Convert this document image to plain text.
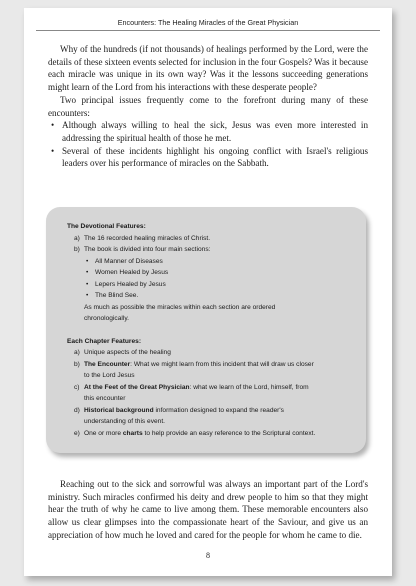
Encounters: The Healing Miracles of the Great Physician

Why of the hundreds (if not thousands) of healings performed by the Lord, were the details of these sixteen events selected for inclusion in the four Gospels? Was it because each miracle was unique in its own way? Was it the lessons succeeding generations might learn of the Lord from his interactions with these desperate people?

Two principal issues frequently come to the forefront during many of these encounters:

• Although always willing to heal the sick, Jesus was even more interested in addressing the spiritual health of those he met.
• Several of these incidents highlight his ongoing conflict with Israel's religious leaders over his performance of miracles on the Sabbath.
The Devotional Features:
a) The 16 recorded healing miracles of Christ.
b) The book is divided into four main sections:
• All Manner of Diseases
• Women Healed by Jesus
• Lepers Healed by Jesus
• The Blind See.
As much as possible the miracles within each section are ordered
chronologically.
Each Chapter Features:
a) Unique aspects of the healing
b) The Encounter: What we might learn from this incident that will draw us closer
to the Lord Jesus
c) At the Feet of the Great Physician: what we learn of the Lord, himself, from
this encounter
d) Historical background information designed to expand the reader's
understanding of this event.
e) One or more charts to help provide an easy reference to the Scriptural context.

Reaching out to the sick and sorrowful was always an important part of the Lord's ministry. Such miracles confirmed his deity and drew people to him so that they might hear the truth of why he came to live among them. These memorable encounters also allow us clear glimpses into the compassionate heart of the Saviour, and give us an appreciation of how much he loved and cared for the people for whom he came to die.

8
